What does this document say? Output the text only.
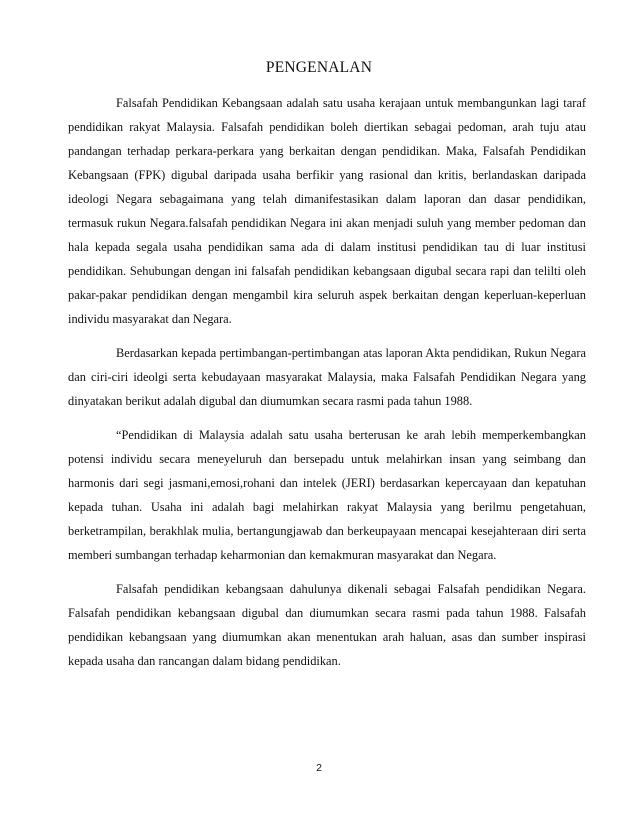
PENGENALAN

Falsafah Pendidikan Kebangsaan adalah satu usaha kerajaan untuk membangunkan lagi taraf pendidikan rakyat Malaysia. Falsafah pendidikan boleh diertikan sebagai pedoman, arah tuju atau pandangan terhadap perkara-perkara yang berkaitan dengan pendidikan. Maka, Falsafah Pendidikan Kebangsaan (FPK) digubal daripada usaha berfikir yang rasional dan kritis, berlandaskan daripada ideologi Negara sebagaimana yang telah dimanifestasikan dalam laporan dan dasar pendidikan, termasuk rukun Negara.falsafah pendidikan Negara ini akan menjadi suluh yang member pedoman dan hala kepada segala usaha pendidikan sama ada di dalam institusi pendidikan tau di luar institusi pendidikan. Sehubungan dengan ini falsafah pendidikan kebangsaan digubal secara rapi dan telilti oleh pakar-pakar pendidikan dengan mengambil kira seluruh aspek berkaitan dengan keperluan-keperluan individu masyarakat dan Negara.

Berdasarkan kepada pertimbangan-pertimbangan atas laporan Akta pendidikan, Rukun Negara dan ciri-ciri ideolgi serta kebudayaan masyarakat Malaysia, maka Falsafah Pendidikan Negara yang dinyatakan berikut adalah digubal dan diumumkan secara rasmi pada tahun 1988.

“Pendidikan di Malaysia adalah satu usaha berterusan ke arah lebih memperkembangkan potensi individu secara meneyeluruh dan bersepadu untuk melahirkan insan yang seimbang dan harmonis dari segi jasmani,emosi,rohani dan intelek (JERI) berdasarkan kepercayaan dan kepatuhan kepada tuhan. Usaha ini adalah bagi melahirkan rakyat Malaysia yang berilmu pengetahuan, berketrampilan, berakhlak mulia, bertangungjawab dan berkeupayaan mencapai kesejahteraan diri serta memberi sumbangan terhadap keharmonian dan kemakmuran masyarakat dan Negara.

Falsafah pendidikan kebangsaan dahulunya dikenali sebagai Falsafah pendidikan Negara. Falsafah pendidikan kebangsaan digubal dan diumumkan secara rasmi pada tahun 1988. Falsafah pendidikan kebangsaan yang diumumkan akan menentukan arah haluan, asas dan sumber inspirasi kepada usaha dan rancangan dalam bidang pendidikan.

2
